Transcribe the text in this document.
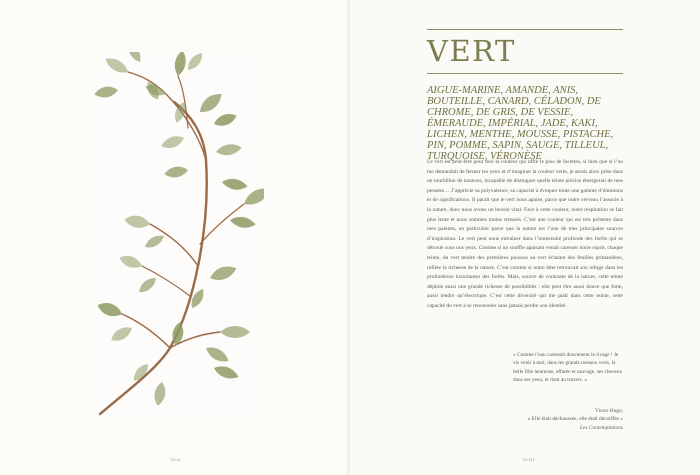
XLII
VERT

AIGUE-MARINE, AMANDE, ANIS, BOUTEILLE, CANARD, CÉLADON, DE CHROME, DE GRIS, DE VESSIE, ÉMERAUDE, IMPÉRIAL, JADE, KAKI, LICHEN, MENTHE, MOUSSE, PISTACHE, PIN, POMME, SAPIN, SAUGE, TILLEUL, TURQUOISE, VÉRONÈSE

Le vert est peut-être pour moi la couleur qui offre le plus de facettes, si bien que si l’on me demandait de fermer les yeux et d’imaginer la couleur verte, je serais alors prise dans un tourbillon de nuances, incapable de distinguer quelle teinte précise émergerait de mes pensées… J’apprécie sa polyvalence, sa capacité à évoquer toute une gamme d’émotions et de significations. Il paraît que le vert nous apaise, parce que notre cerveau l’associe à la nature, donc nous avons un besoin vital. Face à cette couleur, notre respiration se fait plus lente et nous sommes moins stressés. C’est une couleur qui est très présente dans mes palettes, en particulier parce que la nature est l’une de mes principales sources d’inspiration. Le vert peut nous entraîner dans l’immensité profonde des forêts qui se déroule sous nos yeux. Comme si un souffle apaisant venait caresser notre esprit, chaque teinte, du vert tendre des premières pousses au vert éclatant des feuilles printanières, reflète la richesse de la nature. C’est comme si notre âme retrouvait son refuge dans les profondeurs luxuriantes des forêts. Mais, source de contraste de la nature, cette teinte déploie aussi une grande richesse de possibilités : elle peut être aussi douce que forte, aussi tendre qu’électrique. C’est cette diversité qui me plaît dans cette teinte, cette capacité du vert à se renouveler sans jamais perdre son identité.

« Comme l’eau caressait doucement le rivage ! Je vis venir à moi, dans les grands roseaux verts, la belle fille heureuse, effarée et sauvage, ses cheveux dans ses yeux, et riant au travers. »

Victor Hugo,
« Elle était déchaussée, elle était décoiffée »
Les Contemplations

XLIII
